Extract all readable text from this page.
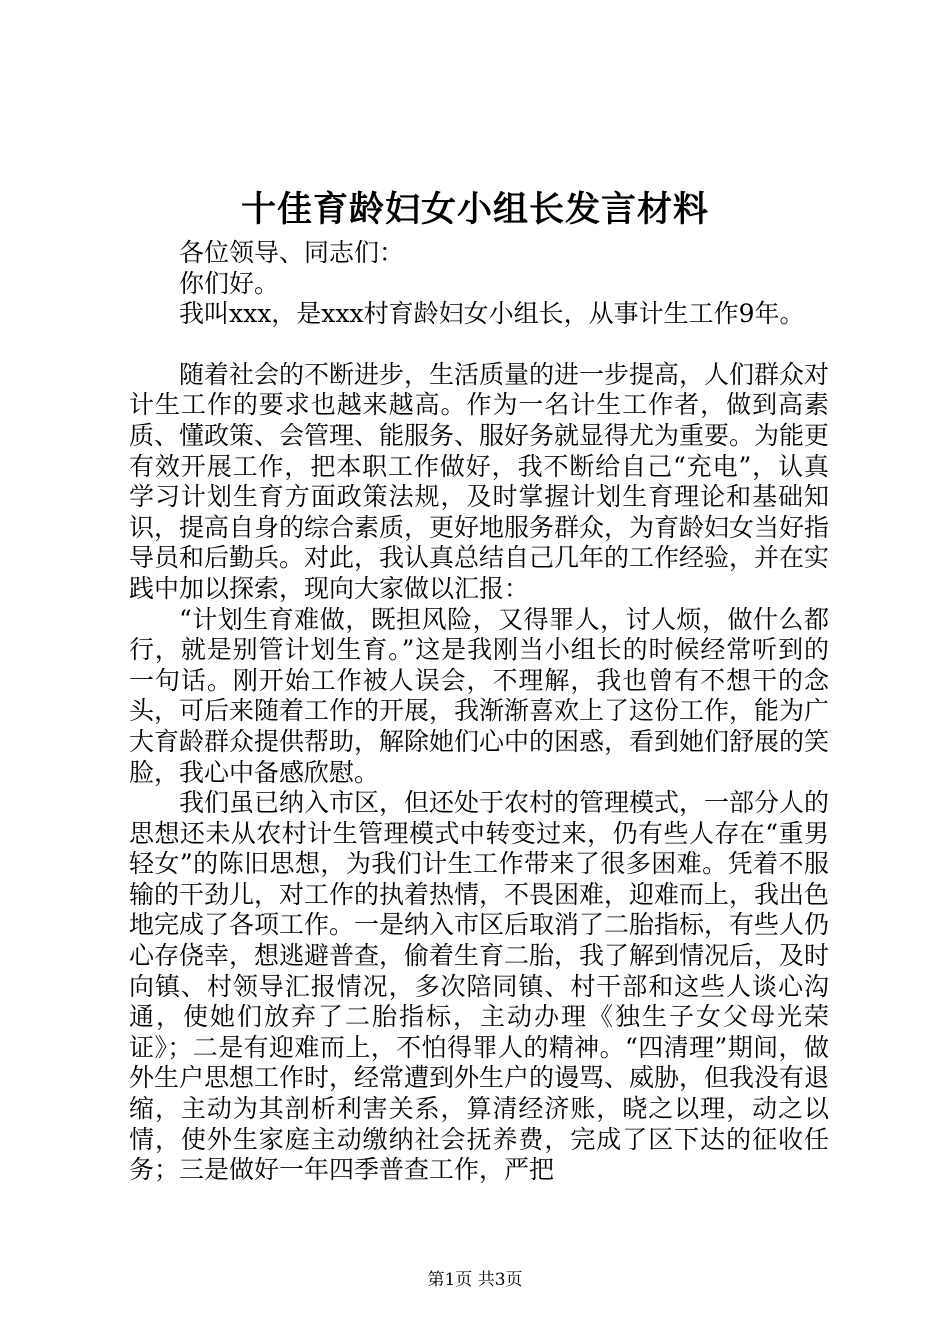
十佳育龄妇女小组长发言材料

各位领导、同志们：

你们好。

我叫xxx，是xxx村育龄妇女小组长，从事计生工作9年。

随着社会的不断进步，生活质量的进一步提高，人们群众对计生工作的要求也越来越高。作为一名计生工作者，做到高素质、懂政策、会管理、能服务、服好务就显得尤为重要。为能更有效开展工作，把本职工作做好，我不断给自己“充电”，认真学习计划生育方面政策法规，及时掌握计划生育理论和基础知识，提高自身的综合素质，更好地服务群众，为育龄妇女当好指导员和后勤兵。对此，我认真总结自己几年的工作经验，并在实践中加以探索，现向大家做以汇报：

“计划生育难做，既担风险，又得罪人，讨人烦，做什么都行，就是别管计划生育。”这是我刚当小组长的时候经常听到的一句话。刚开始工作被人误会，不理解，我也曾有不想干的念头，可后来随着工作的开展，我渐渐喜欢上了这份工作，能为广大育龄群众提供帮助，解除她们心中的困惑，看到她们舒展的笑脸，我心中备感欣慰。

我们虽已纳入市区，但还处于农村的管理模式，一部分人的思想还未从农村计生管理模式中转变过来，仍有些人存在“重男轻女”的陈旧思想，为我们计生工作带来了很多困难。凭着不服输的干劲儿，对工作的执着热情，不畏困难，迎难而上，我出色地完成了各项工作。一是纳入市区后取消了二胎指标，有些人仍心存侥幸，想逃避普查，偷着生育二胎，我了解到情况后，及时向镇、村领导汇报情况，多次陪同镇、村干部和这些人谈心沟通，使她们放弃了二胎指标，主动办理《独生子女父母光荣证》；二是有迎难而上，不怕得罪人的精神。“四清理”期间，做外生户思想工作时，经常遭到外生户的谩骂、威胁，但我没有退缩，主动为其剖析利害关系，算清经济账，晓之以理，动之以情，使外生家庭主动缴纳社会抚养费，完成了区下达的征收任务；三是做好一年四季普查工作，严把

第1页 共3页
